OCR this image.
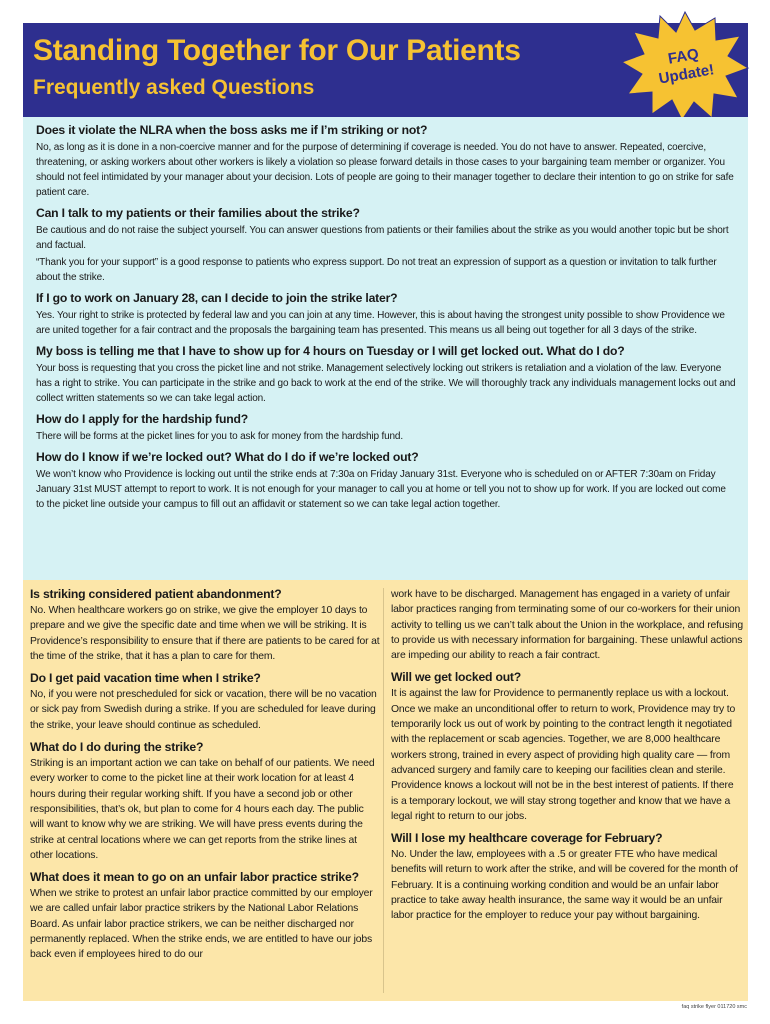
Standing Together for Our Patients
Frequently asked Questions
FAQ
Update!
Does it violate the NLRA when the boss asks me if I’m striking or not?
No, as long as it is done in a non-coercive manner and for the purpose of determining if coverage is needed. You do not have to answer. Repeated, coercive, threatening, or asking workers about other workers is likely a violation so please forward details in those cases to your bargaining team member or organizer. You should not feel intimidated by your manager about your decision. Lots of people are going to their manager together to declare their intention to go on strike for safe patient care.
Can I talk to my patients or their families about the strike?
Be cautious and do not raise the subject yourself. You can answer questions from patients or their families about the strike as you would another topic but be short and factual.
“Thank you for your support” is a good response to patients who express support. Do not treat an expression of support as a question or invitation to talk further about the strike.
If I go to work on January 28, can I decide to join the strike later?
Yes. Your right to strike is protected by federal law and you can join at any time. However, this is about having the strongest unity possible to show Providence we are united together for a fair contract and the proposals the bargaining team has presented. This means us all being out together for all 3 days of the strike.
My boss is telling me that I have to show up for 4 hours on Tuesday or I will get locked out. What do I do?
Your boss is requesting that you cross the picket line and not strike. Management selectively locking out strikers is retaliation and a violation of the law. Everyone has a right to strike. You can participate in the strike and go back to work at the end of the strike. We will thoroughly track any individuals management locks out and collect written statements so we can take legal action.
How do I apply for the hardship fund?
There will be forms at the picket lines for you to ask for money from the hardship fund.
How do I know if we’re locked out? What do I do if we’re locked out?
We won’t know who Providence is locking out until the strike ends at 7:30a on Friday January 31st. Everyone who is scheduled on or AFTER 7:30am on Friday January 31st MUST attempt to report to work. It is not enough for your manager to call you at home or tell you not to show up for work. If you are locked out come to the picket line outside your campus to fill out an affidavit or statement so we can take legal action together.
Is striking considered patient abandonment?
No. When healthcare workers go on strike, we give the employer 10 days to prepare and we give the specific date and time when we will be striking. It is Providence’s responsibility to ensure that if there are patients to be cared for at the time of the strike, that it has a plan to care for them.
Do I get paid vacation time when I strike?
No, if you were not prescheduled for sick or vacation, there will be no vacation or sick pay from Swedish during a strike. If you are scheduled for leave during the strike, your leave should continue as scheduled.
What do I do during the strike?
Striking is an important action we can take on behalf of our patients. We need every worker to come to the picket line at their work location for at least 4 hours during their regular working shift. If you have a second job or other responsibilities, that’s ok, but plan to come for 4 hours each day. The public will want to know why we are striking. We will have press events during the strike at central locations where we can get reports from the strike lines at other locations.
What does it mean to go on an unfair labor practice strike?
When we strike to protest an unfair labor practice committed by our employer we are called unfair labor practice strikers by the National Labor Relations Board. As unfair labor practice strikers, we can be neither discharged nor permanently replaced. When the strike ends, we are entitled to have our jobs back even if employees hired to do our
work have to be discharged. Management has engaged in a variety of unfair labor practices ranging from terminating some of our co-workers for their union activity to telling us we can’t talk about the Union in the workplace, and refusing to provide us with necessary information for bargaining. These unlawful actions are impeding our ability to reach a fair contract.
Will we get locked out?
It is against the law for Providence to permanently replace us with a lockout. Once we make an unconditional offer to return to work, Providence may try to temporarily lock us out of work by pointing to the contract length it negotiated with the replacement or scab agencies. Together, we are 8,000 healthcare workers strong, trained in every aspect of providing high quality care — from advanced surgery and family care to keeping our facilities clean and sterile. Providence knows a lockout will not be in the best interest of patients. If there is a temporary lockout, we will stay strong together and know that we have a legal right to return to our jobs.
Will I lose my healthcare coverage for February?
No. Under the law, employees with a .5 or greater FTE who have medical benefits will return to work after the strike, and will be covered for the month of February. It is a continuing working condition and would be an unfair labor practice to take away health insurance, the same way it would be an unfair labor practice for the employer to reduce your pay without bargaining.
faq strike flyer 011720 smc
